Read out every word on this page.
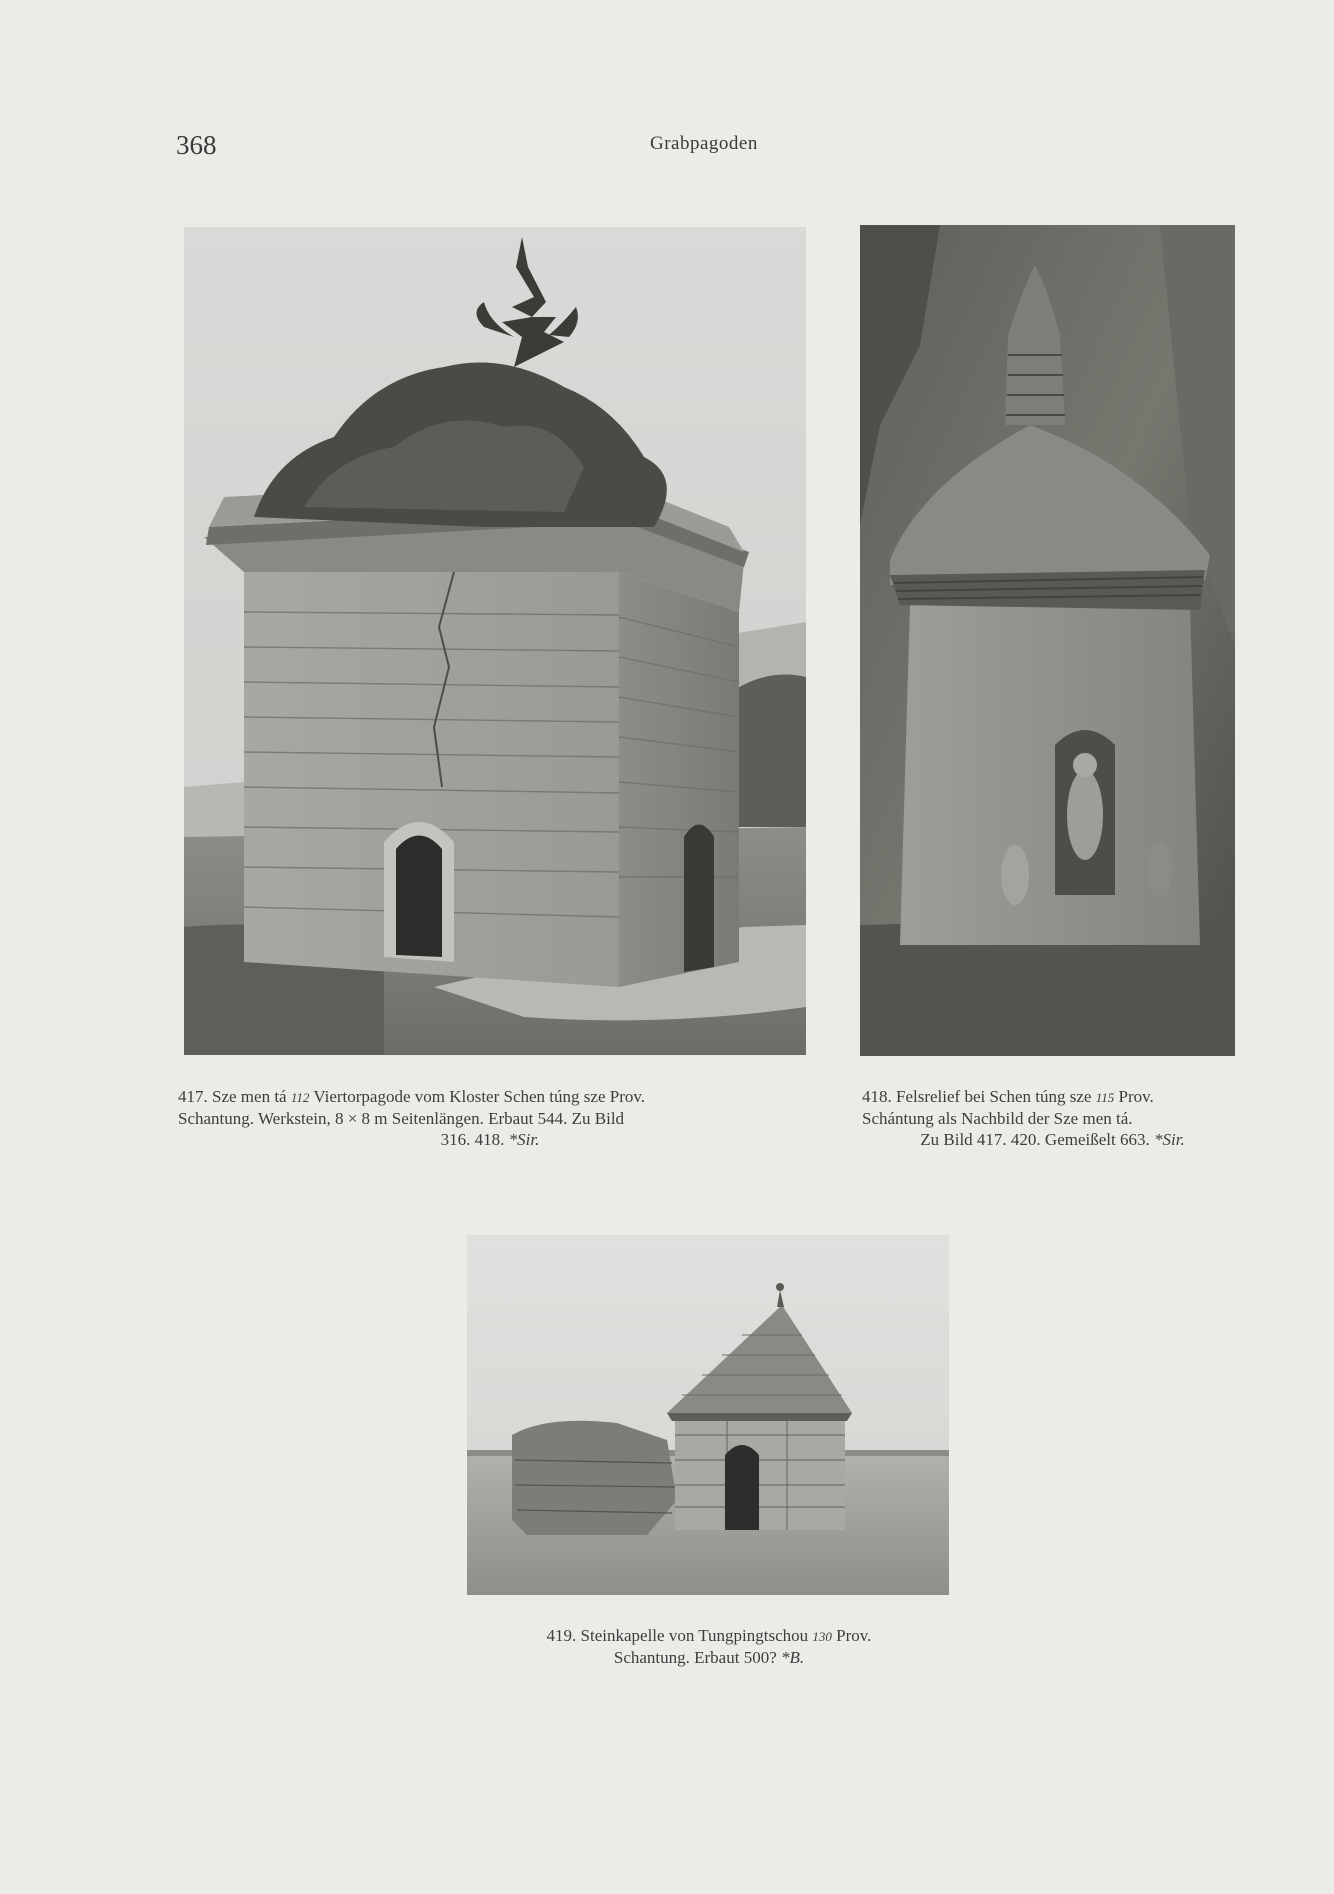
368	Grabpagoden
417. Sze men tá 112 Viertorpagode vom Kloster Schen túng sze Prov.
Schantung. Werkstein, 8 × 8 m Seitenlängen. Erbaut 544. Zu Bild
316. 418. *Sir.
418. Felsrelief bei Schen túng sze 115 Prov.
Schántung als Nachbild der Sze men tá.
Zu Bild 417. 420. Gemeißelt 663. *Sir.
419. Steinkapelle von Tungpingtschou 130 Prov.
Schantung. Erbaut 500? *B.
